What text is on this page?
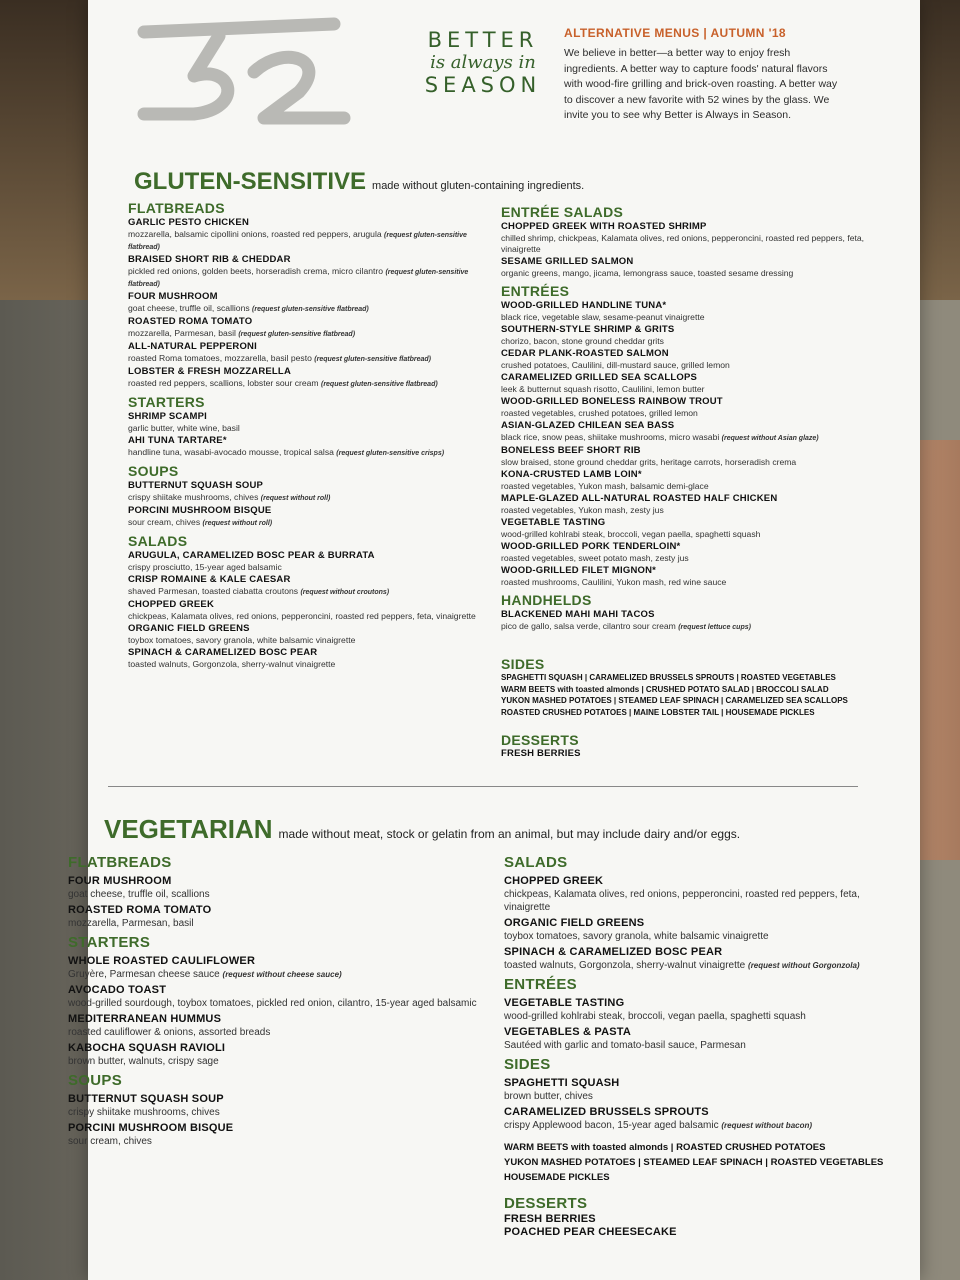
52
BETTER
is always in
SEASON
ALTERNATIVE MENUS | AUTUMN '18
We believe in better—a better way to enjoy fresh ingredients. A better way to capture foods' natural flavors with wood-fire grilling and brick-oven roasting. A better way to discover a new favorite with 52 wines by the glass. We invite you to see why Better is Always in Season.
GLUTEN-SENSITIVE made without gluten-containing ingredients.
FLATBREADS
GARLIC PESTO CHICKEN
mozzarella, balsamic cipollini onions, roasted red peppers, arugula (request gluten-sensitive flatbread)
BRAISED SHORT RIB & CHEDDAR
pickled red onions, golden beets, horseradish crema, micro cilantro (request gluten-sensitive flatbread)
FOUR MUSHROOM
goat cheese, truffle oil, scallions (request gluten-sensitive flatbread)
ROASTED ROMA TOMATO
mozzarella, Parmesan, basil (request gluten-sensitive flatbread)
ALL-NATURAL PEPPERONI
roasted Roma tomatoes, mozzarella, basil pesto (request gluten-sensitive flatbread)
LOBSTER & FRESH MOZZARELLA
roasted red peppers, scallions, lobster sour cream (request gluten-sensitive flatbread)
STARTERS
SHRIMP SCAMPI
garlic butter, white wine, basil
AHI TUNA TARTARE*
handline tuna, wasabi-avocado mousse, tropical salsa (request gluten-sensitive crisps)
SOUPS
BUTTERNUT SQUASH SOUP
crispy shiitake mushrooms, chives (request without roll)
PORCINI MUSHROOM BISQUE
sour cream, chives (request without roll)
SALADS
ARUGULA, CARAMELIZED BOSC PEAR & BURRATA
crispy prosciutto, 15-year aged balsamic
CRISP ROMAINE & KALE CAESAR
shaved Parmesan, toasted ciabatta croutons (request without croutons)
CHOPPED GREEK
chickpeas, Kalamata olives, red onions, pepperoncini, roasted red peppers, feta, vinaigrette
ORGANIC FIELD GREENS
toybox tomatoes, savory granola, white balsamic vinaigrette
SPINACH & CARAMELIZED BOSC PEAR
toasted walnuts, Gorgonzola, sherry-walnut vinaigrette
ENTRÉE SALADS
CHOPPED GREEK WITH ROASTED SHRIMP
chilled shrimp, chickpeas, Kalamata olives, red onions, pepperoncini, roasted red peppers, feta, vinaigrette
SESAME GRILLED SALMON
organic greens, mango, jicama, lemongrass sauce, toasted sesame dressing
ENTRÉES
WOOD-GRILLED HANDLINE TUNA*
black rice, vegetable slaw, sesame-peanut vinaigrette
SOUTHERN-STYLE SHRIMP & GRITS
chorizo, bacon, stone ground cheddar grits
CEDAR PLANK-ROASTED SALMON
crushed potatoes, Caulilini, dill-mustard sauce, grilled lemon
CARAMELIZED GRILLED SEA SCALLOPS
leek & butternut squash risotto, Caulilini, lemon butter
WOOD-GRILLED BONELESS RAINBOW TROUT
roasted vegetables, crushed potatoes, grilled lemon
ASIAN-GLAZED CHILEAN SEA BASS
black rice, snow peas, shiitake mushrooms, micro wasabi (request without Asian glaze)
BONELESS BEEF SHORT RIB
slow braised, stone ground cheddar grits, heritage carrots, horseradish crema
KONA-CRUSTED LAMB LOIN*
roasted vegetables, Yukon mash, balsamic demi-glace
MAPLE-GLAZED ALL-NATURAL ROASTED HALF CHICKEN
roasted vegetables, Yukon mash, zesty jus
VEGETABLE TASTING
wood-grilled kohlrabi steak, broccoli, vegan paella, spaghetti squash
WOOD-GRILLED PORK TENDERLOIN*
roasted vegetables, sweet potato mash, zesty jus
WOOD-GRILLED FILET MIGNON*
roasted mushrooms, Caulilini, Yukon mash, red wine sauce
HANDHELDS
BLACKENED MAHI MAHI TACOS
pico de gallo, salsa verde, cilantro sour cream (request lettuce cups)
SIDES
SPAGHETTI SQUASH | CARAMELIZED BRUSSELS SPROUTS | ROASTED VEGETABLES
WARM BEETS with toasted almonds | CRUSHED POTATO SALAD | BROCCOLI SALAD
YUKON MASHED POTATOES | STEAMED LEAF SPINACH | CARAMELIZED SEA SCALLOPS
ROASTED CRUSHED POTATOES | MAINE LOBSTER TAIL | HOUSEMADE PICKLES
DESSERTS
FRESH BERRIES
VEGETARIAN made without meat, stock or gelatin from an animal, but may include dairy and/or eggs.
FLATBREADS
FOUR MUSHROOM
goat cheese, truffle oil, scallions
ROASTED ROMA TOMATO
mozzarella, Parmesan, basil
STARTERS
WHOLE ROASTED CAULIFLOWER
Gruyère, Parmesan cheese sauce (request without cheese sauce)
AVOCADO TOAST
wood-grilled sourdough, toybox tomatoes, pickled red onion, cilantro, 15-year aged balsamic
MEDITERRANEAN HUMMUS
roasted cauliflower & onions, assorted breads
KABOCHA SQUASH RAVIOLI
brown butter, walnuts, crispy sage
SOUPS
BUTTERNUT SQUASH SOUP
crispy shiitake mushrooms, chives
PORCINI MUSHROOM BISQUE
sour cream, chives
SALADS
CHOPPED GREEK
chickpeas, Kalamata olives, red onions, pepperoncini, roasted red peppers, feta, vinaigrette
ORGANIC FIELD GREENS
toybox tomatoes, savory granola, white balsamic vinaigrette
SPINACH & CARAMELIZED BOSC PEAR
toasted walnuts, Gorgonzola, sherry-walnut vinaigrette (request without Gorgonzola)
ENTRÉES
VEGETABLE TASTING
wood-grilled kohlrabi steak, broccoli, vegan paella, spaghetti squash
VEGETABLES & PASTA
Sautéed with garlic and tomato-basil sauce, Parmesan
SIDES
SPAGHETTI SQUASH
brown butter, chives
CARAMELIZED BRUSSELS SPROUTS
crispy Applewood bacon, 15-year aged balsamic (request without bacon)
WARM BEETS with toasted almonds | ROASTED CRUSHED POTATOES
YUKON MASHED POTATOES | STEAMED LEAF SPINACH | ROASTED VEGETABLES
HOUSEMADE PICKLES
DESSERTS
FRESH BERRIES
POACHED PEAR CHEESECAKE
